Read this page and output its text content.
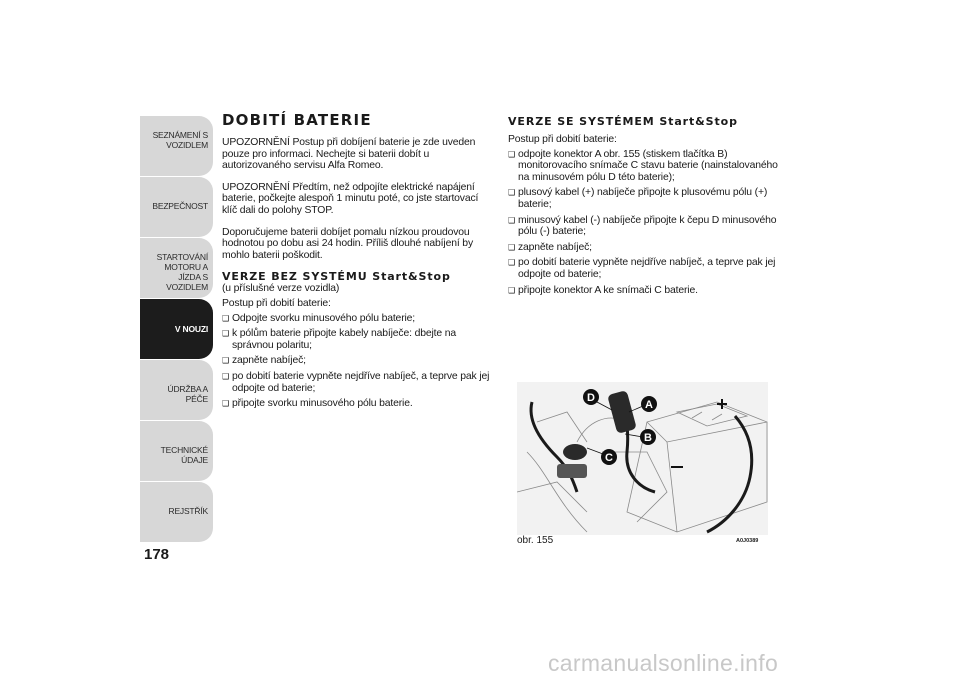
SEZNÁMENÍ S
VOZIDLEM
BEZPEČNOST
STARTOVÁNÍ
MOTORU A JÍZDA S
VOZIDLEM
V NOUZI
ÚDRŽBA A PÉČE
TECHNICKÉ ÚDAJE
REJSTŘÍK
178
DOBITÍ BATERIE

UPOZORNĚNÍ Postup při dobíjení baterie je zde uveden pouze pro informaci. Nechejte si baterii dobít u autorizovaného servisu Alfa Romeo.

UPOZORNĚNÍ Předtím, než odpojíte elektrické napájení baterie, počkejte alespoň 1 minutu poté, co jste startovací klíč dali do polohy STOP.

Doporučujeme baterii dobíjet pomalu nízkou proudovou hodnotou po dobu asi 24 hodin. Příliš dlouhé nabíjení by mohlo baterii poškodit.

VERZE BEZ SYSTÉMU Start&Stop

(u příslušné verze vozidla)

Postup při dobití baterie:

❑ Odpojte svorku minusového pólu baterie;
❑ k pólům baterie připojte kabely nabíječe: dbejte na správnou polaritu;
❑ zapněte nabíječ;
❑ po dobití baterie vypněte nejdříve nabíječ, a teprve pak jej odpojte od baterie;
❑ připojte svorku minusového pólu baterie.
VERZE SE SYSTÉMEM Start&Stop

Postup při dobití baterie:

❑ odpojte konektor A obr. 155 (stiskem tlačítka B) monitorovacího snímače C stavu baterie (nainstalovaného na minusovém pólu D této baterie);
❑ plusový kabel (+) nabíječe připojte k plusovému pólu (+) baterie;
❑ minusový kabel (-) nabíječe připojte k čepu D minusového pólu (-) baterie;
❑ zapněte nabíječ;
❑ po dobití baterie vypněte nejdříve nabíječ, a teprve pak jej odpojte od baterie;
❑ připojte konektor A ke snímači C baterie.
D
A
B
C
obr. 155	A0J0389
carmanualsonline.info
